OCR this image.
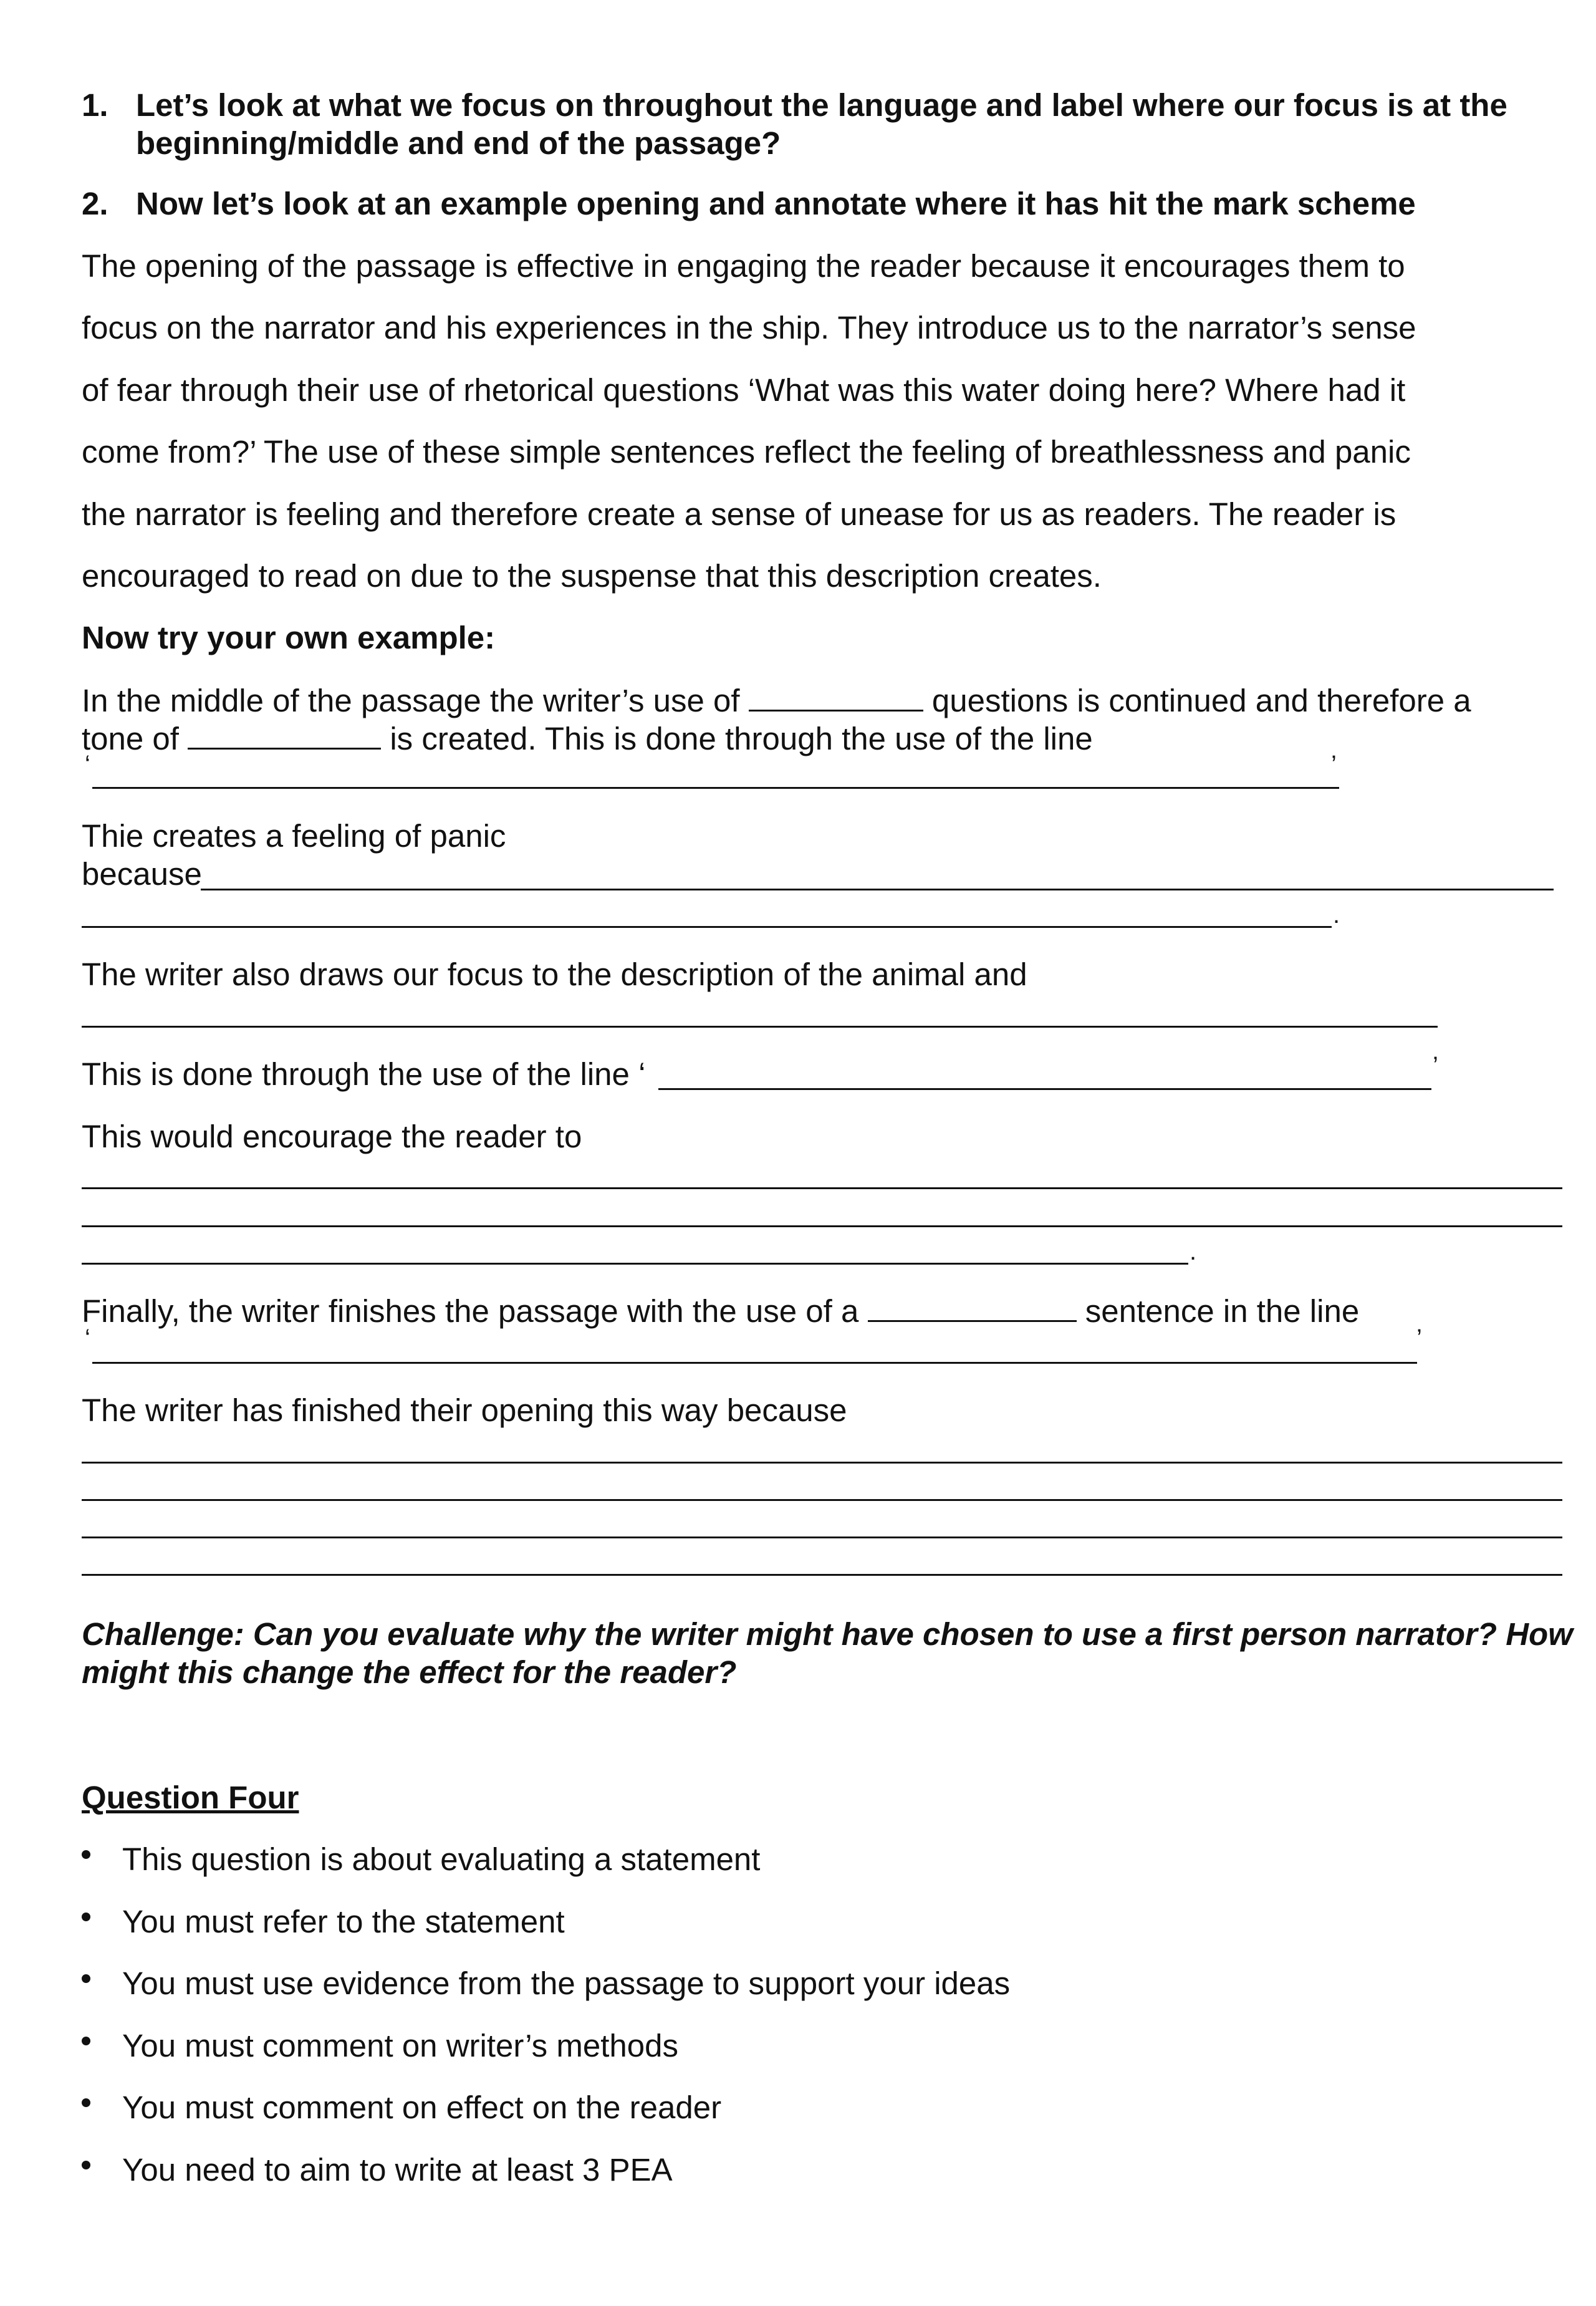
1. Let’s look at what we focus on throughout the language and label where our focus is at the
beginning/middle and end of the passage?
2. Now let’s look at an example opening and annotate where it has hit the mark scheme
The opening of the passage is effective in engaging the reader because it encourages them to
focus on the narrator and his experiences in the ship. They introduce us to the narrator’s sense
of fear through their use of rhetorical questions ‘What was this water doing here? Where had it
come from?’ The use of these simple sentences reflect the feeling of breathlessness and panic
the narrator is feeling and therefore create a sense of unease for us as readers. The reader is
encouraged to read on due to the suspense that this description creates.
Now try your own example:
In the middle of the passage the writer’s use of	questions is continued and therefore a
tone of	is created. This is done through the use of the line
‘	’
Thie creates a feeling of panic
because
.
The writer also draws our focus to the description of the animal and
This is done through the use of the line ‘	’
This would encourage the reader to
.
Finally, the writer finishes the passage with the use of a	sentence in the line
‘	’
The writer has finished their opening this way because
Challenge: Can you evaluate why the writer might have chosen to use a first person narrator? How
might this change the effect for the reader?
Question Four
This question is about evaluating a statement
You must refer to the statement
You must use evidence from the passage to support your ideas
You must comment on writer’s methods
You must comment on effect on the reader
You need to aim to write at least 3 PEA
